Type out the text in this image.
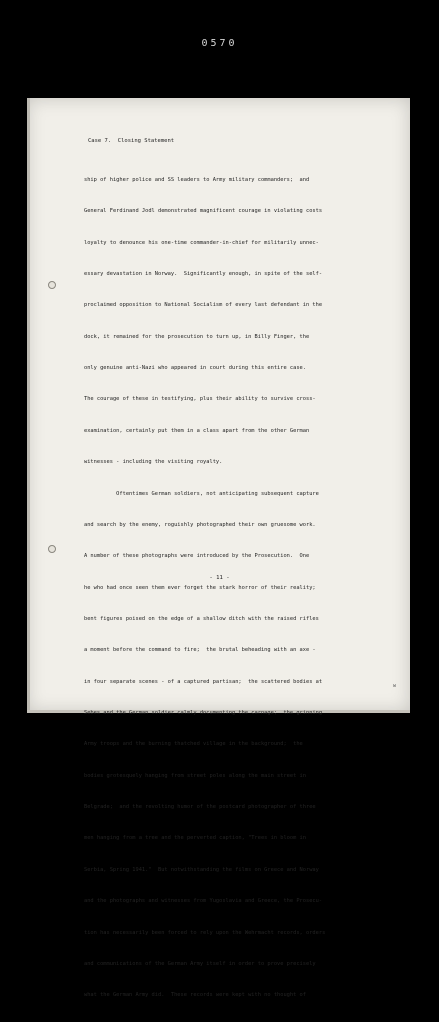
0570
Case 7.  Closing Statement

ship of higher police and SS leaders to Army military commanders;  and

General Ferdinand Jodl demonstrated magnificent courage in violating costs

loyalty to denounce his one-time commander-in-chief for militarily unnec-

essary devastation in Norway.  Significantly enough, in spite of the self-

proclaimed opposition to National Socialism of every last defendant in the

dock, it remained for the prosecution to turn up, in Billy Finger, the

only genuine anti-Nazi who appeared in court during this entire case.

The courage of these in testifying, plus their ability to survive cross-

examination, certainly put them in a class apart from the other German

witnesses - including the visiting royalty.

Oftentimes German soldiers, not anticipating subsequent capture

and search by the enemy, roguishly photographed their own gruesome work.

A number of these photographs were introduced by the Prosecution.  One

he who had once seen them ever forget the stark horror of their reality;

bent figures poised on the edge of a shallow ditch with the raised rifles

a moment before the command to fire;  the brutal beheading with an axe -

in four separate scenes - of a captured partisan;  the scattered bodies at

Sebes and the German soldier calmly documenting the carnage;  the grinning

Army troops and the burning thatched village in the background;  the

bodies grotesquely hanging from street poles along the main street in

Belgrade;  and the revolting humor of the postcard photographer of three

men hanging from a tree and the perverted caption, "Trees in bloom in

Serbia, Spring 1941."  But notwithstanding the films on Greece and Norway

and the photographs and witnesses from Yugoslavia and Greece, the Prosecu-

tion has necessarily been forced to rely upon the Wehrmacht records, orders

and communications of the German Army itself in order to prove precisely

what the German Army did.  These records were kept with no thought of

- 11 -
w
